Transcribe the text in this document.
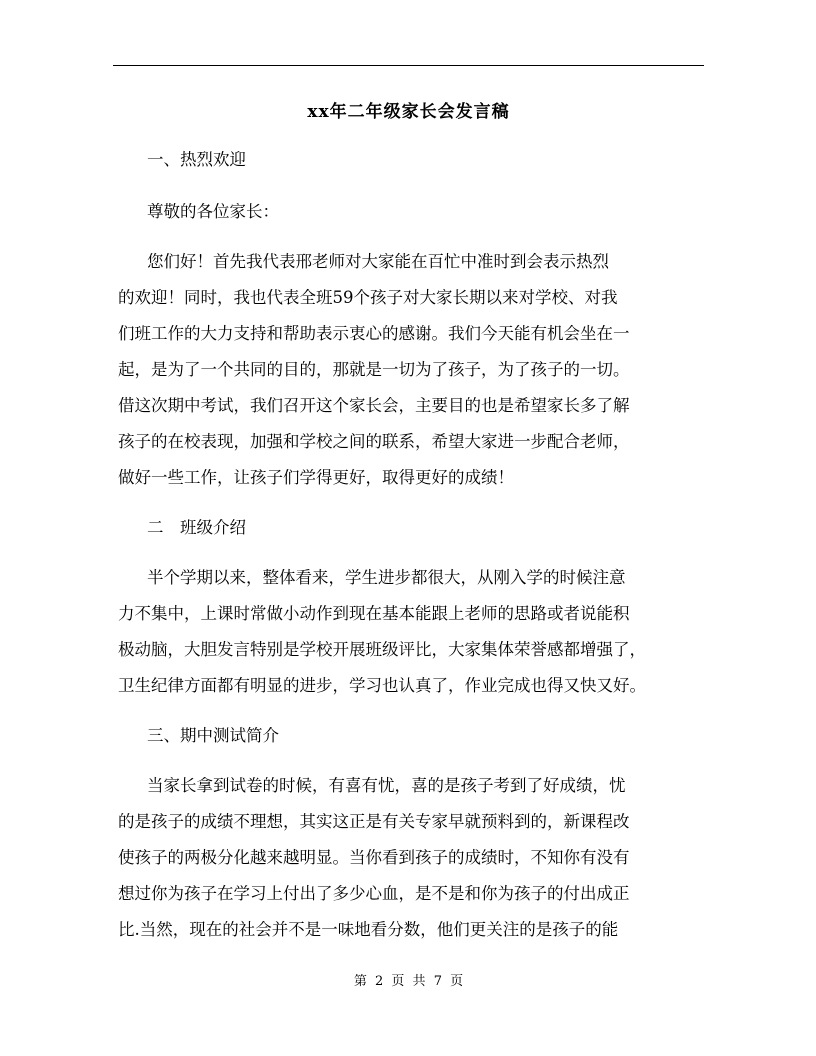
xx年二年级家长会发言稿
一、热烈欢迎
尊敬的各位家长：
您们好！首先我代表邢老师对大家能在百忙中准时到会表示热烈
的欢迎！同时，我也代表全班59个孩子对大家长期以来对学校、对我
们班工作的大力支持和帮助表示衷心的感谢。我们今天能有机会坐在一
起，是为了一个共同的目的，那就是一切为了孩子，为了孩子的一切。
借这次期中考试，我们召开这个家长会，主要目的也是希望家长多了解
孩子的在校表现，加强和学校之间的联系，希望大家进一步配合老师，
做好一些工作，让孩子们学得更好，取得更好的成绩！
二　班级介绍
半个学期以来，整体看来，学生进步都很大，从刚入学的时候注意
力不集中，上课时常做小动作到现在基本能跟上老师的思路或者说能积
极动脑，大胆发言特别是学校开展班级评比，大家集体荣誉感都增强了，
卫生纪律方面都有明显的进步，学习也认真了，作业完成也得又快又好。
三、期中测试简介
当家长拿到试卷的时候，有喜有忧，喜的是孩子考到了好成绩，忧
的是孩子的成绩不理想，其实这正是有关专家早就预料到的，新课程改
使孩子的两极分化越来越明显。当你看到孩子的成绩时，不知你有没有
想过你为孩子在学习上付出了多少心血，是不是和你为孩子的付出成正
比.当然，现在的社会并不是一味地看分数，他们更关注的是孩子的能
第 2 页 共 7 页
